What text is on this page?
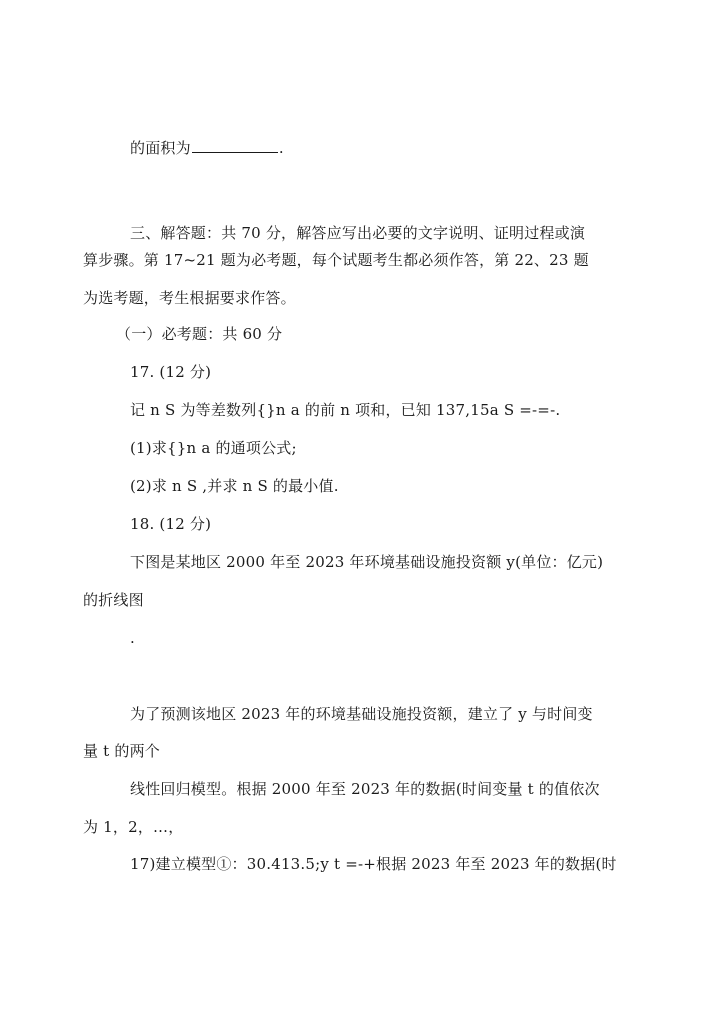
的面积为	.
三、解答题：共 70 分，解答应写出必要的文字说明、证明过程或演
算步骤。第 17~21 题为必考题，每个试题考生都必须作答，第 22、23 题
为选考题，考生根据要求作答。
（一）必考题：共 60 分
17. (12 分)
记 n S 为等差数列{}n a 的前 n 项和，已知 137,15a S =-=-.
(1)求{}n a 的通项公式;
(2)求 n S ,并求 n S 的最小值.
18. (12 分)
下图是某地区 2000 年至 2023 年环境基础设施投资额 y(单位：亿元)
的折线图
.
为了预测该地区 2023 年的环境基础设施投资额，建立了 y 与时间变
量 t 的两个
线性回归模型。根据 2000 年至 2023 年的数据(时间变量 t 的值依次
为 1，2，…，
17)建立模型①：30.413.5;y t =-+根据 2023 年至 2023 年的数据(时
